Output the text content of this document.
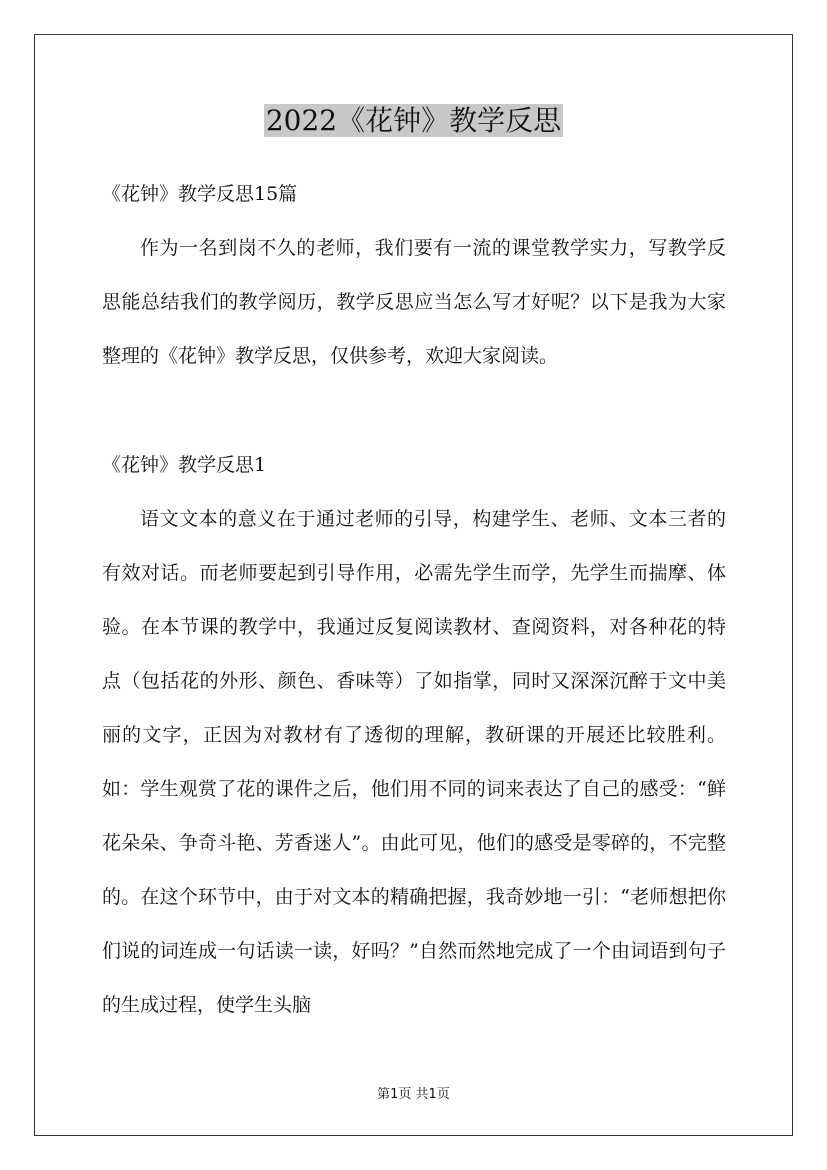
2022《花钟》教学反思
《花钟》教学反思15篇

作为一名到岗不久的老师，我们要有一流的课堂教学实力，写教学反思能总结我们的教学阅历，教学反思应当怎么写才好呢？以下是我为大家整理的《花钟》教学反思，仅供参考，欢迎大家阅读。

《花钟》教学反思1

语文文本的意义在于通过老师的引导，构建学生、老师、文本三者的有效对话。而老师要起到引导作用，必需先学生而学，先学生而揣摩、体验。在本节课的教学中，我通过反复阅读教材、查阅资料，对各种花的特点（包括花的外形、颜色、香味等）了如指掌，同时又深深沉醉于文中美丽的文字，正因为对教材有了透彻的理解，教研课的开展还比较胜利。如：学生观赏了花的课件之后，他们用不同的词来表达了自己的感受：“鲜花朵朵、争奇斗艳、芳香迷人”。由此可见，他们的感受是零碎的，不完整的。在这个环节中，由于对文本的精确把握，我奇妙地一引：“老师想把你们说的词连成一句话读一读，好吗？”自然而然地完成了一个由词语到句子的生成过程，使学生头脑

第1页 共1页
